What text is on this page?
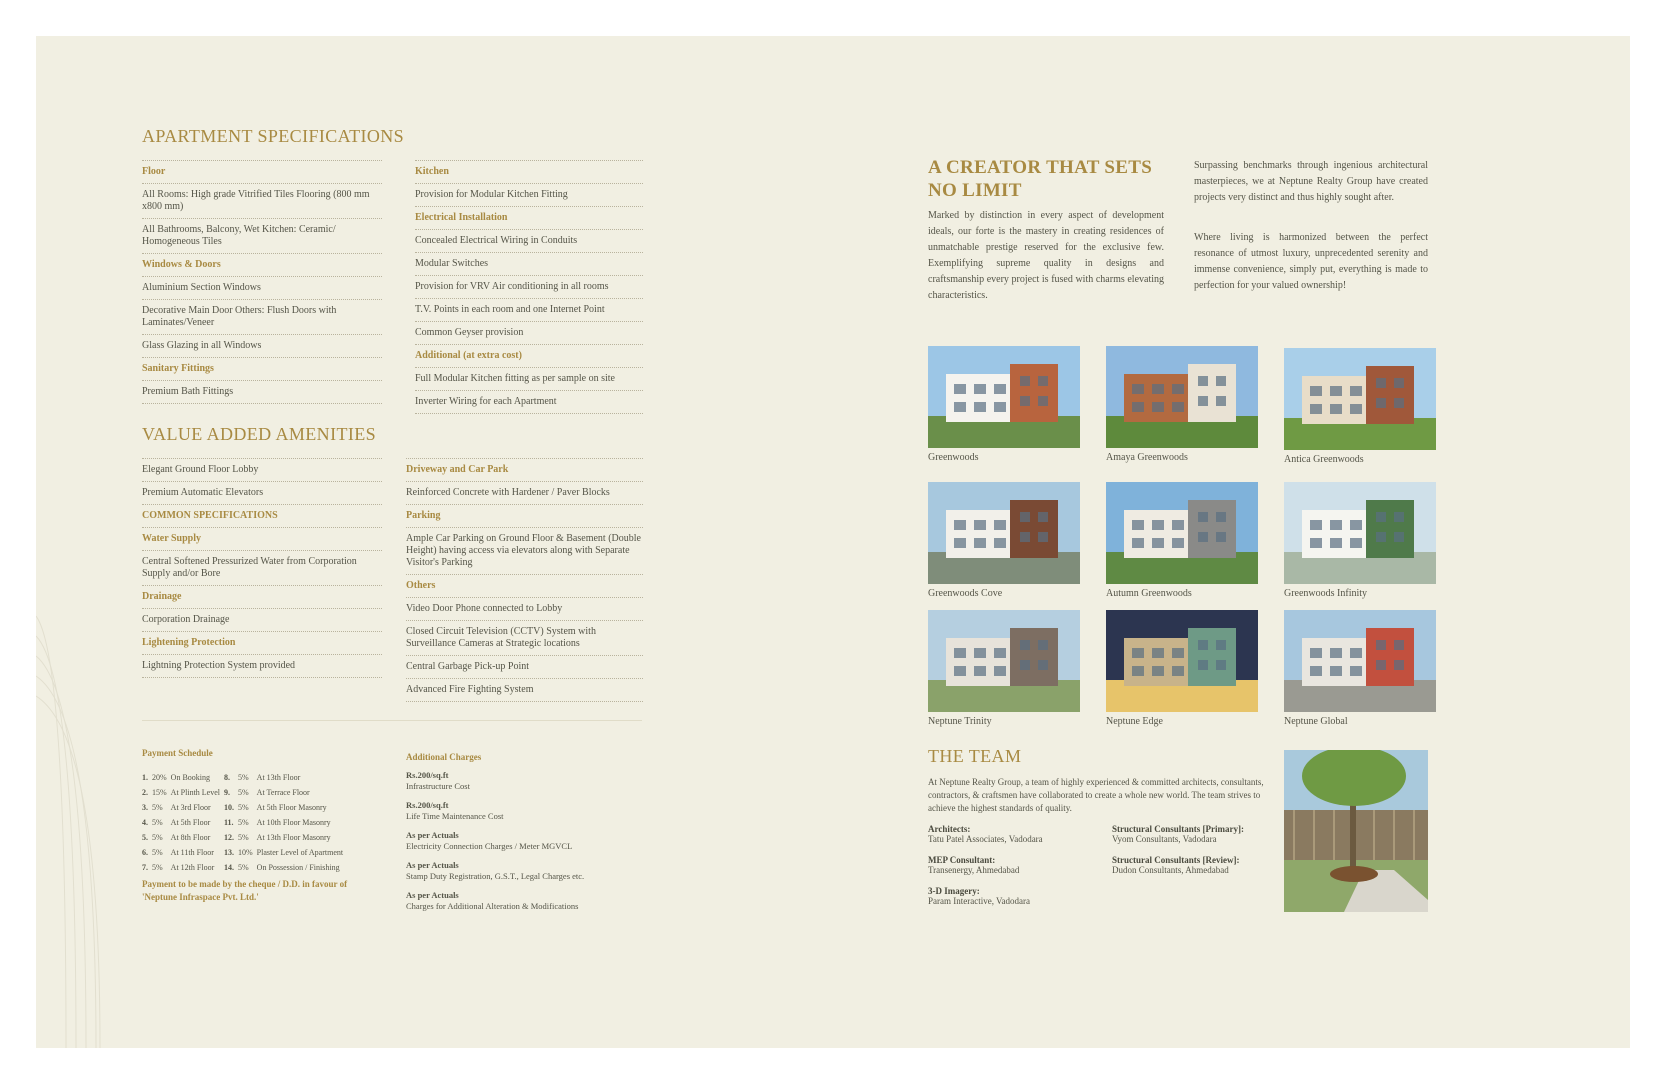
APARTMENT SPECIFICATIONS
Floor
All Rooms: High grade Vitrified Tiles Flooring (800 mm x800 mm)
All Bathrooms, Balcony, Wet Kitchen: Ceramic/ Homogeneous Tiles
Windows & Doors
Aluminium Section Windows
Decorative Main Door Others: Flush Doors with Laminates/Veneer
Glass Glazing in all Windows
Sanitary Fittings
Premium Bath Fittings
Kitchen
Provision for Modular Kitchen Fitting
Electrical Installation
Concealed Electrical Wiring in Conduits
Modular Switches
Provision for VRV Air conditioning in all rooms
T.V. Points in each room and one Internet Point
Common Geyser provision
Additional (at extra cost)
Full Modular Kitchen fitting as per sample on site
Inverter Wiring for each Apartment
VALUE ADDED AMENITIES
Elegant Ground Floor Lobby
Premium Automatic Elevators
COMMON SPECIFICATIONS
Water Supply
Central Softened Pressurized Water from Corporation Supply and/or Bore
Drainage
Corporation Drainage
Lightening Protection
Lightning Protection System provided
Driveway and Car Park
Reinforced Concrete with Hardener / Paver Blocks
Parking
Ample Car Parking on Ground Floor & Basement (Double Height) having access via elevators along with Separate Visitor's Parking
Others
Video Door Phone connected to Lobby
Closed Circuit Television (CCTV) System with Surveillance Cameras at Strategic locations
Central Garbage Pick-up Point
Advanced Fire Fighting System
Payment Schedule
1.	20%	On Booking	8.	5%	At 13th Floor
2.	15%	At Plinth Level	9.	5%	At Terrace Floor
3.	5%	At 3rd Floor	10.	5%	At 5th Floor Masonry
4.	5%	At 5th Floor	11.	5%	At 10th Floor Masonry
5.	5%	At 8th Floor	12.	5%	At 13th Floor Masonry
6.	5%	At 11th Floor	13.	10%	Plaster Level of Apartment
7.	5%	At 12th Floor	14.	5%	On Possession / Finishing
Payment to be made by the cheque / D.D. in favour of 'Neptune Infraspace Pvt. Ltd.'
Additional Charges
Rs.200/sq.ft
Infrastructure Cost
Rs.200/sq.ft
Life Time Maintenance Cost
As per Actuals
Electricity Connection Charges / Meter MGVCL
As per Actuals
Stamp Duty Registration, G.S.T., Legal Charges etc.
As per Actuals
Charges for Additional Alteration & Modifications
A CREATOR THAT SETS NO LIMIT
Marked by distinction in every aspect of development ideals, our forte is the mastery in creating residences of unmatchable prestige reserved for the exclusive few. Exemplifying supreme quality in designs and craftsmanship every project is fused with charms elevating characteristics.
Surpassing benchmarks through ingenious architectural masterpieces, we at Neptune Realty Group have created projects very distinct and thus highly sought after.
Where living is harmonized between the perfect resonance of utmost luxury, unprecedented serenity and immense convenience, simply put, everything is made to perfection for your valued ownership!
Greenwoods	Amaya Greenwoods	Antica Greenwoods
Greenwoods Cove	Autumn Greenwoods	Greenwoods Infinity
Neptune Trinity	Neptune Edge	Neptune Global
THE TEAM
At Neptune Realty Group, a team of highly experienced & committed architects, consultants, contractors, & craftsmen have collaborated to create a whole new world. The team strives to achieve the highest standards of quality.
Architects:
Tatu Patel Associates, Vadodara
MEP Consultant:
Transenergy, Ahmedabad
3-D Imagery:
Param Interactive, Vadodara
Structural Consultants [Primary]:
Vyom Consultants, Vadodara
Structural Consultants [Review]:
Dudon Consultants, Ahmedabad
